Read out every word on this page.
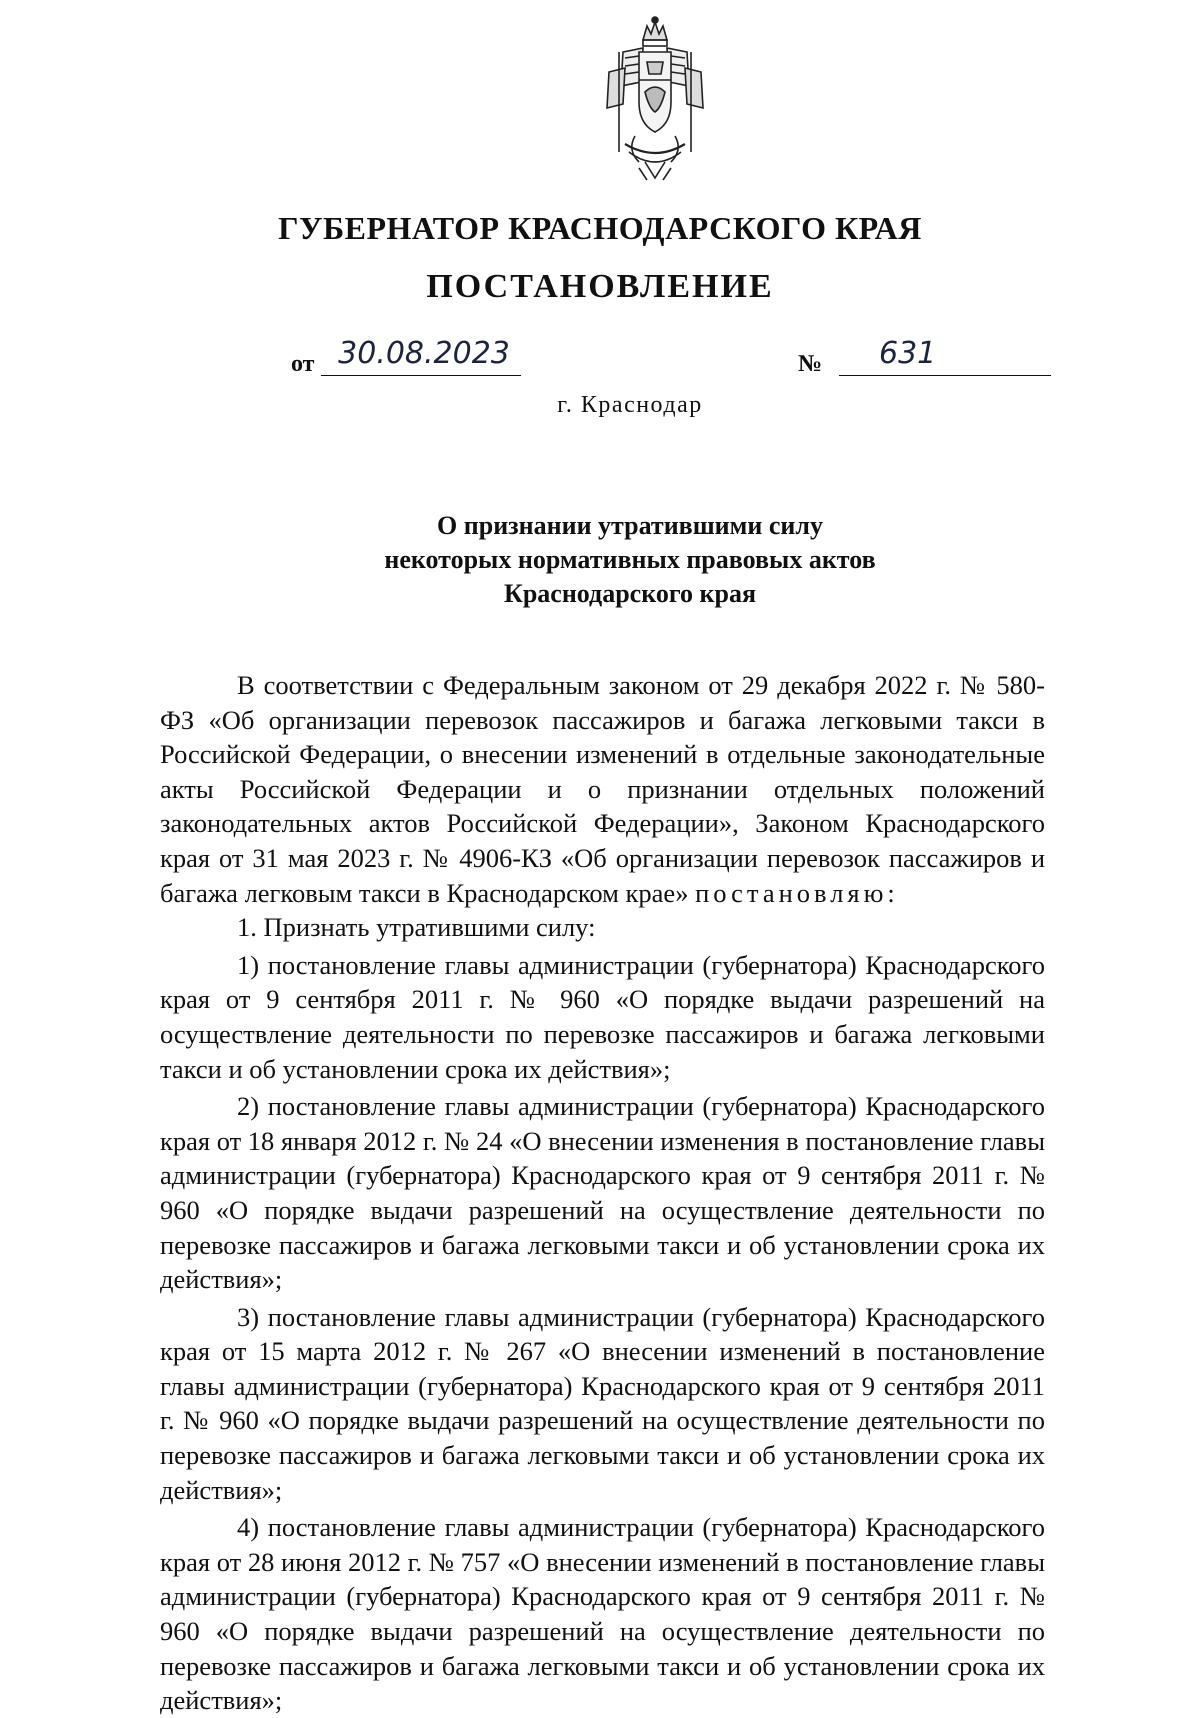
ГУБЕРНАТОР КРАСНОДАРСКОГО КРАЯ
ПОСТАНОВЛЕНИЕ
от 30.08.2023	№ 631
г. Краснодар
О признании утратившими силу
некоторых нормативных правовых актов
Краснодарского края

В соответствии с Федеральным законом от 29 декабря 2022 г. № 580-ФЗ «Об организации перевозок пассажиров и багажа легковыми такси в Российской Федерации, о внесении изменений в отдельные законодательные акты Российской Федерации и о признании отдельных положений законодательных актов Российской Федерации», Законом Краснодарского края от 31 мая 2023 г. № 4906-КЗ «Об организации перевозок пассажиров и багажа легковым такси в Краснодарском крае» постановляю:

1. Признать утратившими силу:

1) постановление главы администрации (губернатора) Краснодарского края от 9 сентября 2011 г. № 960 «О порядке выдачи разрешений на осуществление деятельности по перевозке пассажиров и багажа легковыми такси и об установлении срока их действия»;

2) постановление главы администрации (губернатора) Краснодарского края от 18 января 2012 г. № 24 «О внесении изменения в постановление главы администрации (губернатора) Краснодарского края от 9 сентября 2011 г. № 960 «О порядке выдачи разрешений на осуществление деятельности по перевозке пассажиров и багажа легковыми такси и об установлении срока их действия»;

3) постановление главы администрации (губернатора) Краснодарского края от 15 марта 2012 г. № 267 «О внесении изменений в постановление главы администрации (губернатора) Краснодарского края от 9 сентября 2011 г. № 960 «О порядке выдачи разрешений на осуществление деятельности по перевозке пассажиров и багажа легковыми такси и об установлении срока их действия»;

4) постановление главы администрации (губернатора) Краснодарского края от 28 июня 2012 г. № 757 «О внесении изменений в постановление главы администрации (губернатора) Краснодарского края от 9 сентября 2011 г. № 960 «О порядке выдачи разрешений на осуществление деятельности по перевозке пассажиров и багажа легковыми такси и об установлении срока их действия»;
